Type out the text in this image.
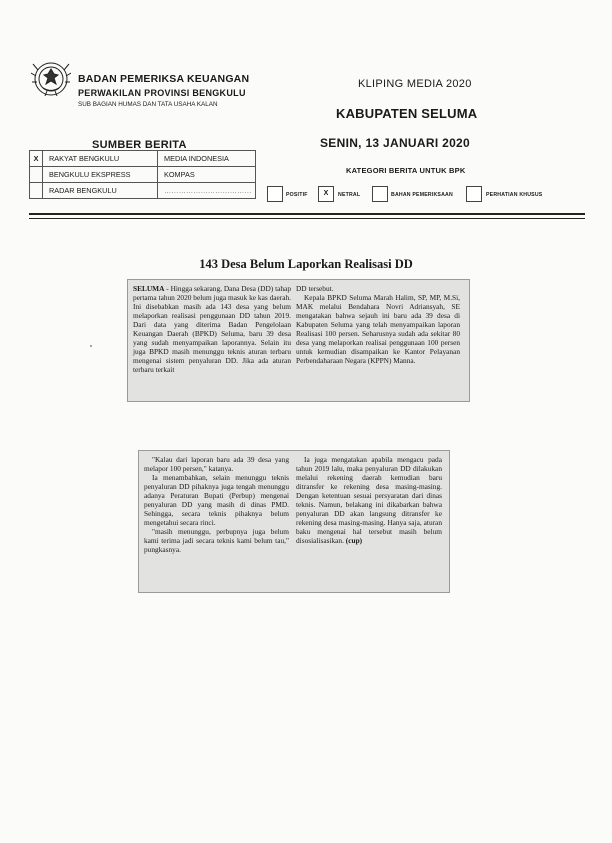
BADAN PEMERIKSA KEUANGAN
PERWAKILAN PROVINSI BENGKULU
SUB BAGIAN HUMAS DAN TATA USAHA KALAN
KLIPING MEDIA 2020
KABUPATEN SELUMA
SENIN, 13 JANUARI 2020
SUMBER BERITA
X	RAKYAT BENGKULU	MEDIA INDONESIA
	BENGKULU EKSPRESS	KOMPAS
	RADAR BENGKULU	………………………………
KATEGORI BERITA UNTUK BPK
POSITIF	X	NETRAL	BAHAN PEMERIKSAAN	PERHATIAN KHUSUS
143 Desa Belum Laporkan Realisasi DD

SELUMA - Hingga sekarang, Dana Desa (DD) tahap pertama tahun 2020 belum juga masuk ke kas daerah. Ini disebabkan masih ada 143 desa yang belum melaporkan realisasi penggunaan DD tahun 2019. Dari data yang diterima Badan Pengelolaan Keuangan Daerah (BPKD) Seluma, baru 39 desa yang sudah menyampaikan laporannya. Selain itu juga BPKD masih menunggu teknis aturan terbaru mengenai sistem penyaluran DD. Jika ada aturan terbaru terkait

DD tersebut.

Kepala BPKD Seluma Marah Halim, SP, MP, M.Si, MAK melalui Bendahara Novri Adriansyah, SE mengatakan bahwa sejauh ini baru ada 39 desa di Kabupaten Seluma yang telah menyampaikan laporan Realisasi 100 persen. Seharusnya sudah ada sekitar 80 desa yang melaporkan realisai penggunaan 100 persen untuk kemudian disampaikan ke Kantor Pelayanan Perbendaharaan Negara (KPPN) Manna.

"Kalau dari laporan baru ada 39 desa yang melapor 100 persen," katanya.

Ia menambahkan, selain menunggu teknis penyaluran DD pihaknya juga tengah menunggu adanya Peraturan Bupati (Perbup) mengenai penyaluran DD yang masih di dinas PMD. Sehingga, secara teknis pihaknya belum mengetahui secara rinci.

"masih menunggu, perbupnya juga belum kami terima jadi secara teknis kami belum tau," pungkasnya.

Ia juga mengatakan apabila mengacu pada tahun 2019 lalu, maka penyaluran DD dilakukan melalui rekening daerah kemudian baru ditransfer ke rekening desa masing-masing. Dengan ketentuan sesuai persyaratan dari dinas teknis. Namun, belakang ini dikabarkan bahwa penyaluran DD akan langsung ditransfer ke rekening desa masing-masing. Hanya saja, aturan baku mengenai hal tersebut masih belum disosialisasikan. (cup)
